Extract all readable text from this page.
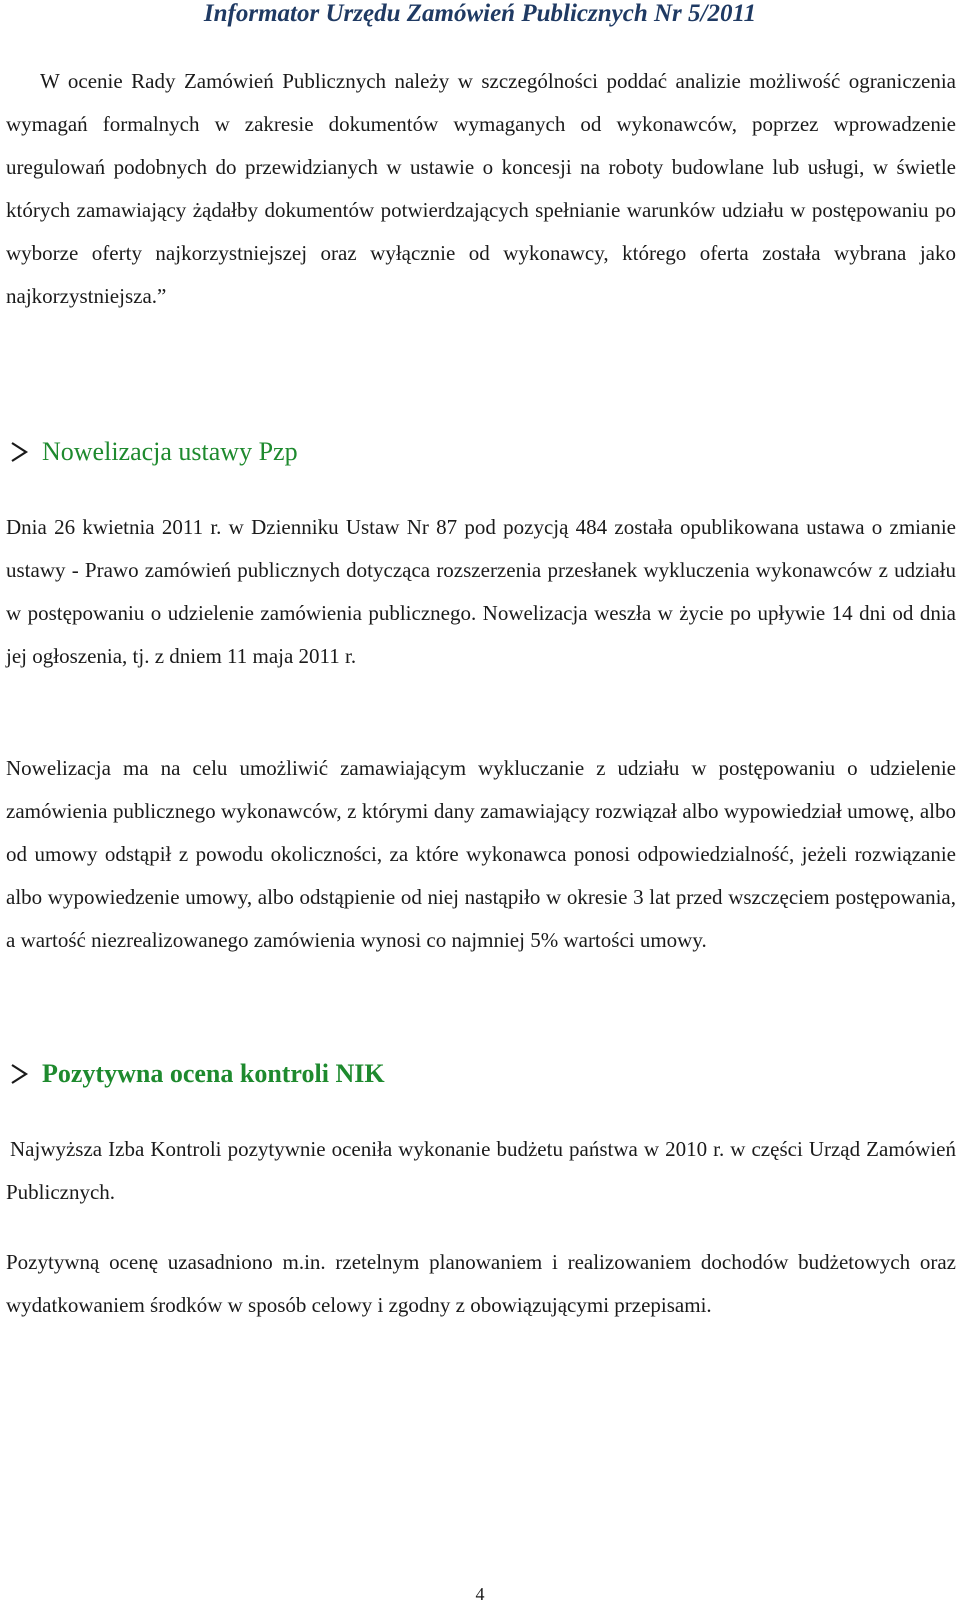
Informator Urzędu Zamówień Publicznych Nr 5/2011

W ocenie Rady Zamówień Publicznych należy w szczególności poddać analizie możliwość ograniczenia wymagań formalnych w zakresie dokumentów wymaganych od wykonawców, poprzez wprowadzenie uregulowań podobnych do przewidzianych w ustawie o koncesji na roboty budowlane lub usługi, w świetle których zamawiający żądałby dokumentów potwierdzających spełnianie warunków udziału w postępowaniu po wyborze oferty najkorzystniejszej oraz wyłącznie od wykonawcy, którego oferta została wybrana jako najkorzystniejsza.”

Nowelizacja ustawy Pzp

Dnia 26 kwietnia 2011 r. w Dzienniku Ustaw Nr 87 pod pozycją 484 została opublikowana ustawa o zmianie ustawy - Prawo zamówień publicznych dotycząca rozszerzenia przesłanek wykluczenia wykonawców z udziału w postępowaniu o udzielenie zamówienia publicznego. Nowelizacja weszła w życie po upływie 14 dni od dnia jej ogłoszenia, tj. z dniem 11 maja 2011 r.

Nowelizacja ma na celu umożliwić zamawiającym wykluczanie z udziału w postępowaniu o udzielenie zamówienia publicznego wykonawców, z którymi dany zamawiający rozwiązał albo wypowiedział umowę, albo od umowy odstąpił z powodu okoliczności, za które wykonawca ponosi odpowiedzialność, jeżeli rozwiązanie albo wypowiedzenie umowy, albo odstąpienie od niej nastąpiło w okresie 3 lat przed wszczęciem postępowania, a wartość niezrealizowanego zamówienia wynosi co najmniej 5% wartości umowy.

Pozytywna ocena kontroli NIK

Najwyższa Izba Kontroli pozytywnie oceniła wykonanie budżetu państwa w 2010 r. w części Urząd Zamówień Publicznych.

Pozytywną ocenę uzasadniono m.in. rzetelnym planowaniem i realizowaniem dochodów budżetowych oraz wydatkowaniem środków w sposób celowy i zgodny z obowiązującymi przepisami.

4
